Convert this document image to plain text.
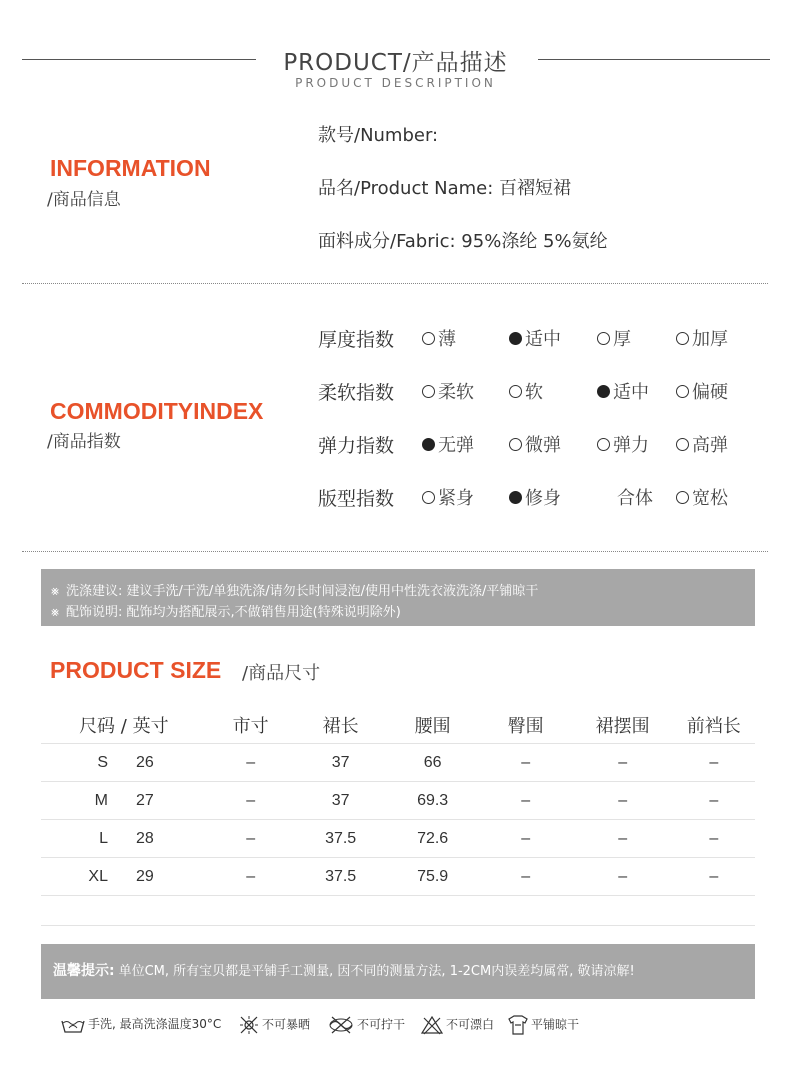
PRODUCT/产品描述
PRODUCT DESCRIPTION
INFORMATION
/商品信息
款号/Number:
品名/Product Name: 百褶短裙
面料成分/Fabric: 95%涤纶 5%氨纶
COMMODITYINDEX
/商品指数
厚度指数	薄	适中	厚	加厚
柔软指数	柔软	软	适中	偏硬
弹力指数	无弹	微弹	弹力	高弹
版型指数	紧身	修身	合体	宽松
⨳ 洗涤建议: 建议手洗/干洗/单独洗涤/请勿长时间浸泡/使用中性洗衣液洗涤/平铺晾干
⨳ 配饰说明: 配饰均为搭配展示,不做销售用途(特殊说明除外)
PRODUCT SIZE /商品尺寸
尺码 / 英寸		市寸	裙长	腰围	臀围	裙摆围	前裆长
S	26	–	37	66	–	–	–
M	27	–	37	69.3	–	–	–
L	28	–	37.5	72.6	–	–	–
XL	29	–	37.5	75.9	–	–	–
温馨提示: 单位CM, 所有宝贝都是平铺手工测量, 因不同的测量方法, 1-2CM内误差均属常, 敬请凉解!
手洗, 最高洗涤温度30°C	不可暴晒	不可拧干	不可漂白	平铺晾干
